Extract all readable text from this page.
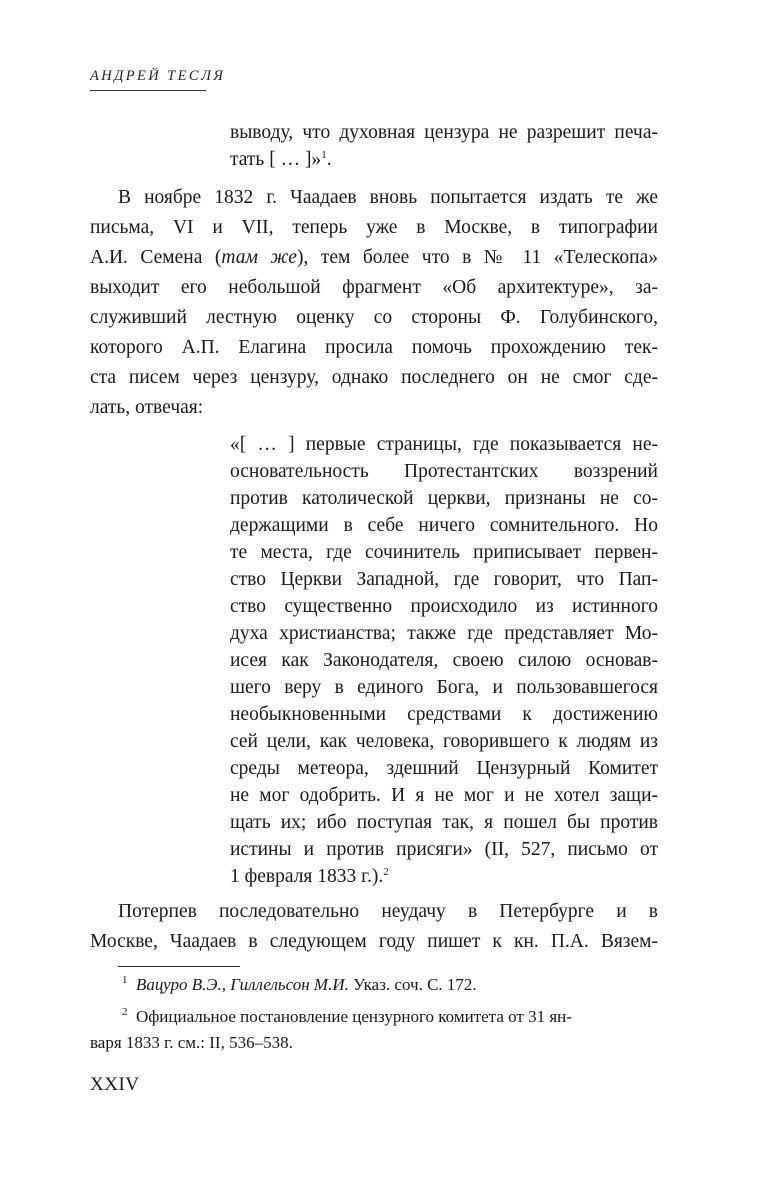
АНДРЕЙ ТЕСЛЯ
выводу, что духовная цензура не разрешит печа-
тать [ … ]»$^1$.
В ноябре 1832 г. Чаадаев вновь попытается издать те же
письма, VI и VII, теперь уже в Москве, в типографии
А.И. Семена (там же), тем более что в № 11 «Телескопа»
выходит его небольшой фрагмент «Об архитектуре», за-
служивший лестную оценку со стороны Ф. Голубинского,
которого А.П. Елагина просила помочь прохождению тек-
ста писем через цензуру, однако последнего он не смог сде-
лать, отвечая:
«[ … ] первые страницы, где показывается не-
основательность Протестантских воззрений
против католической церкви, признаны не со-
держащими в себе ничего сомнительного. Но
те места, где сочинитель приписывает первен-
ство Церкви Западной, где говорит, что Пап-
ство существенно происходило из истинного
духа христианства; также где представляет Мо-
исея как Законодателя, своею силою основав-
шего веру в единого Бога, и пользовавшегося
необыкновенными средствами к достижению
сей цели, как человека, говорившего к людям из
среды метеора, здешний Цензурный Комитет
не мог одобрить. И я не мог и не хотел защи-
щать их; ибо поступая так, я пошел бы против
истины и против присяги» (II, 527, письмо от
1 февраля 1833 г.).$^2$
Потерпев последовательно неудачу в Петербурге и в
Москве, Чаадаев в следующем году пишет к кн. П.А. Вязем-
$^1$ Вацуро В.Э., Гиллельсон М.И. Указ. соч. С. 172.
$^2$ Официальное постановление цензурного комитета от 31 ян-
варя 1833 г. см.: II, 536–538.
XXIV
